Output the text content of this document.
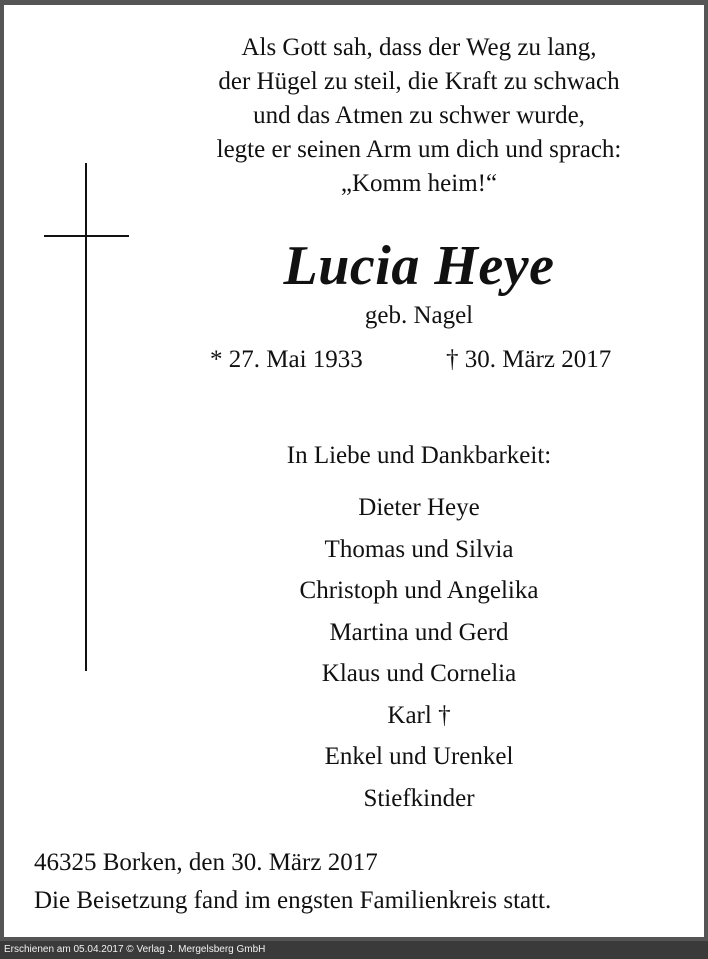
Als Gott sah, dass der Weg zu lang,
der Hügel zu steil, die Kraft zu schwach
und das Atmen zu schwer wurde,
legte er seinen Arm um dich und sprach:
„Komm heim!“
Lucia Heye
geb. Nagel
* 27. Mai 1933	† 30. März 2017
In Liebe und Dankbarkeit:
Dieter Heye
Thomas und Silvia
Christoph und Angelika
Martina und Gerd
Klaus und Cornelia
Karl †
Enkel und Urenkel
Stiefkinder
46325 Borken, den 30. März 2017
Die Beisetzung fand im engsten Familienkreis statt.
Erschienen am 05.04.2017 © Verlag J. Mergelsberg GmbH
